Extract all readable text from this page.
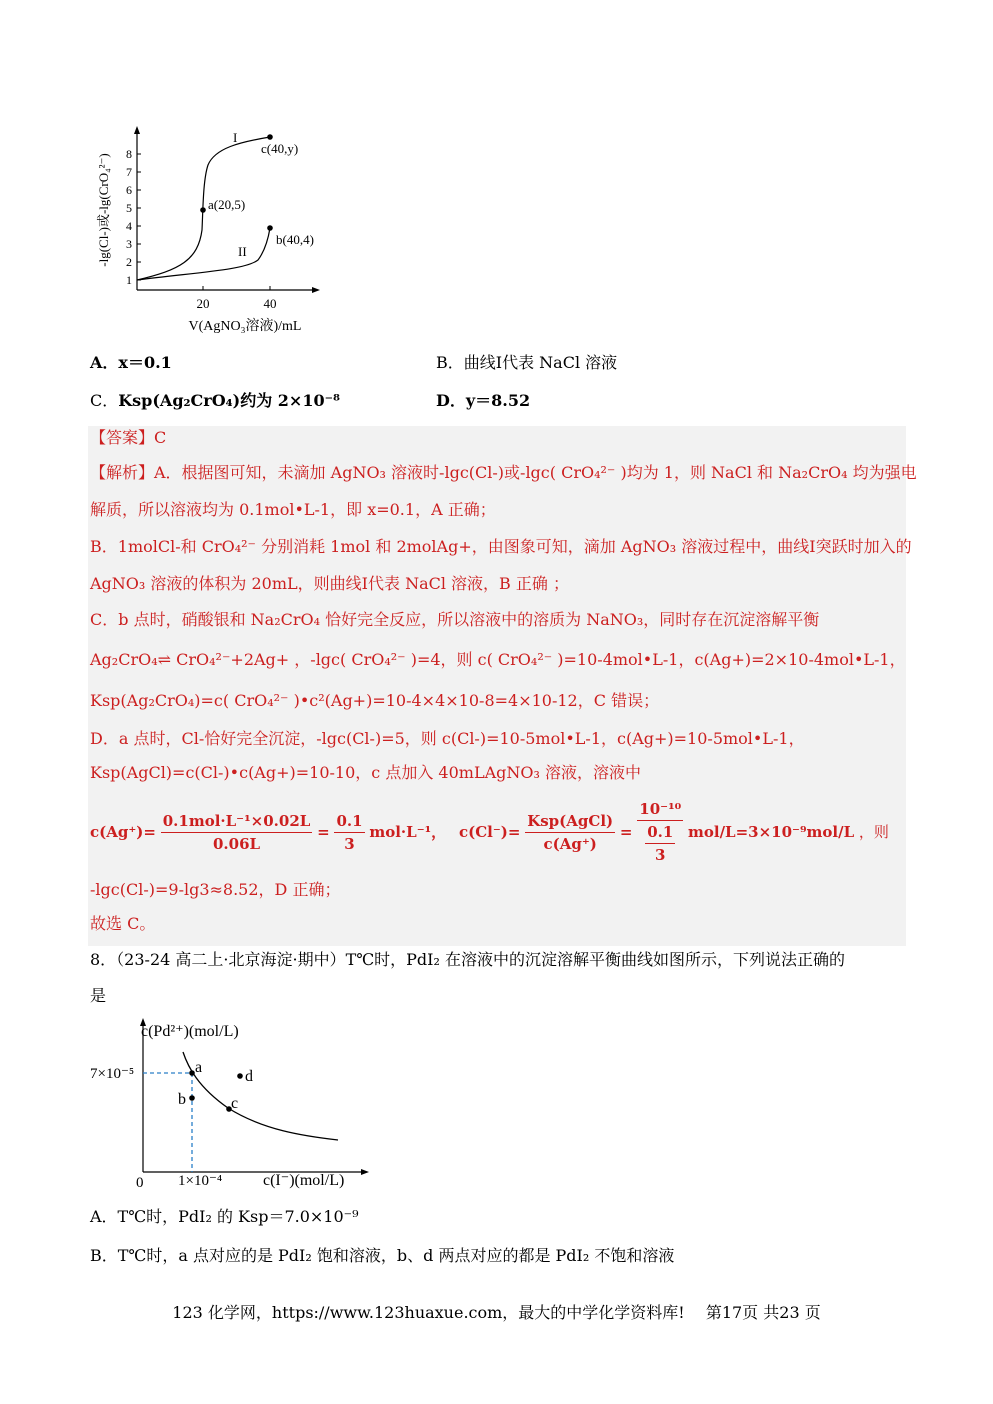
1
2
3
4
5
6
7
8
20	40
-lg(Cl-)或-lg(CrO₄²⁻)
V(AgNO₃溶液)/mL
a(20,5)
c(40,y)
b(40,4)
I
II
A．x＝0.1	B．曲线I代表 NaCl 溶液
C．Ksp(Ag₂CrO₄)约为 2×10⁻⁸	D．y＝8.52
【答案】C
【解析】A．根据图可知，未滴加 AgNO₃ 溶液时-lgc(Cl-)或-lgc( CrO₄²⁻ )均为 1，则 NaCl 和 Na₂CrO₄ 均为强电
解质，所以溶液均为 0.1mol•L-1，即 x=0.1，A 正确；
B．1molCl-和 CrO₄²⁻ 分别消耗 1mol 和 2molAg+，由图象可知，滴加 AgNO₃ 溶液过程中，曲线I突跃时加入的
AgNO₃ 溶液的体积为 20mL，则曲线I代表 NaCl 溶液，B 正确 ；
C．b 点时，硝酸银和 Na₂CrO₄ 恰好完全反应，所以溶液中的溶质为 NaNO₃，同时存在沉淀溶解平衡
Ag₂CrO₄⇌ CrO₄²⁻+2Ag+ ，-lgc( CrO₄²⁻ )=4，则 c( CrO₄²⁻ )=10-4mol•L-1，c(Ag+)=2×10-4mol•L-1，
Ksp(Ag₂CrO₄)=c( CrO₄²⁻ )•c²(Ag+)=10-4×4×10-8=4×10-12，C 错误；
D．a 点时，Cl-恰好完全沉淀，-lgc(Cl-)=5，则 c(Cl-)=10-5mol•L-1，c(Ag+)=10-5mol•L-1，
Ksp(AgCl)=c(Cl-)•c(Ag+)=10-10，c 点加入 40mLAgNO₃ 溶液，溶液中
$c(Ag^+)= \frac{\text{0.1mol·L⁻¹×0.02L}}{0.06L} = \frac{0.1}{3} mol\cdot L^{-1}$， $c(Cl^-)= \frac{\text{Ksp(AgCl)}}{c(Ag^+)} = \frac{\text{10⁻¹⁰}}{\frac{0.1}{3}} mol/L=3\times 10^{-9}mol/L$ ，则
-lgc(Cl-)=9-lg3≈8.52，D 正确；
故选 C。
8．（23-24 高二上·北京海淀·期中）T℃时，PdI₂ 在溶液中的沉淀溶解平衡曲线如图所示，下列说法正确的
是
c(Pd²⁺)(mol/L)
c(I⁻)(mol/L)
0
7×10⁻⁵
1×10⁻⁴
a
b	c
d
A．T℃时，PdI₂ 的 Ksp＝7.0×10⁻⁹
B．T℃时，a 点对应的是 PdI₂ 饱和溶液，b、d 两点对应的都是 PdI₂ 不饱和溶液
123 化学网，https://www.123huaxue.com，最大的中学化学资料库!　 第17页 共23 页
